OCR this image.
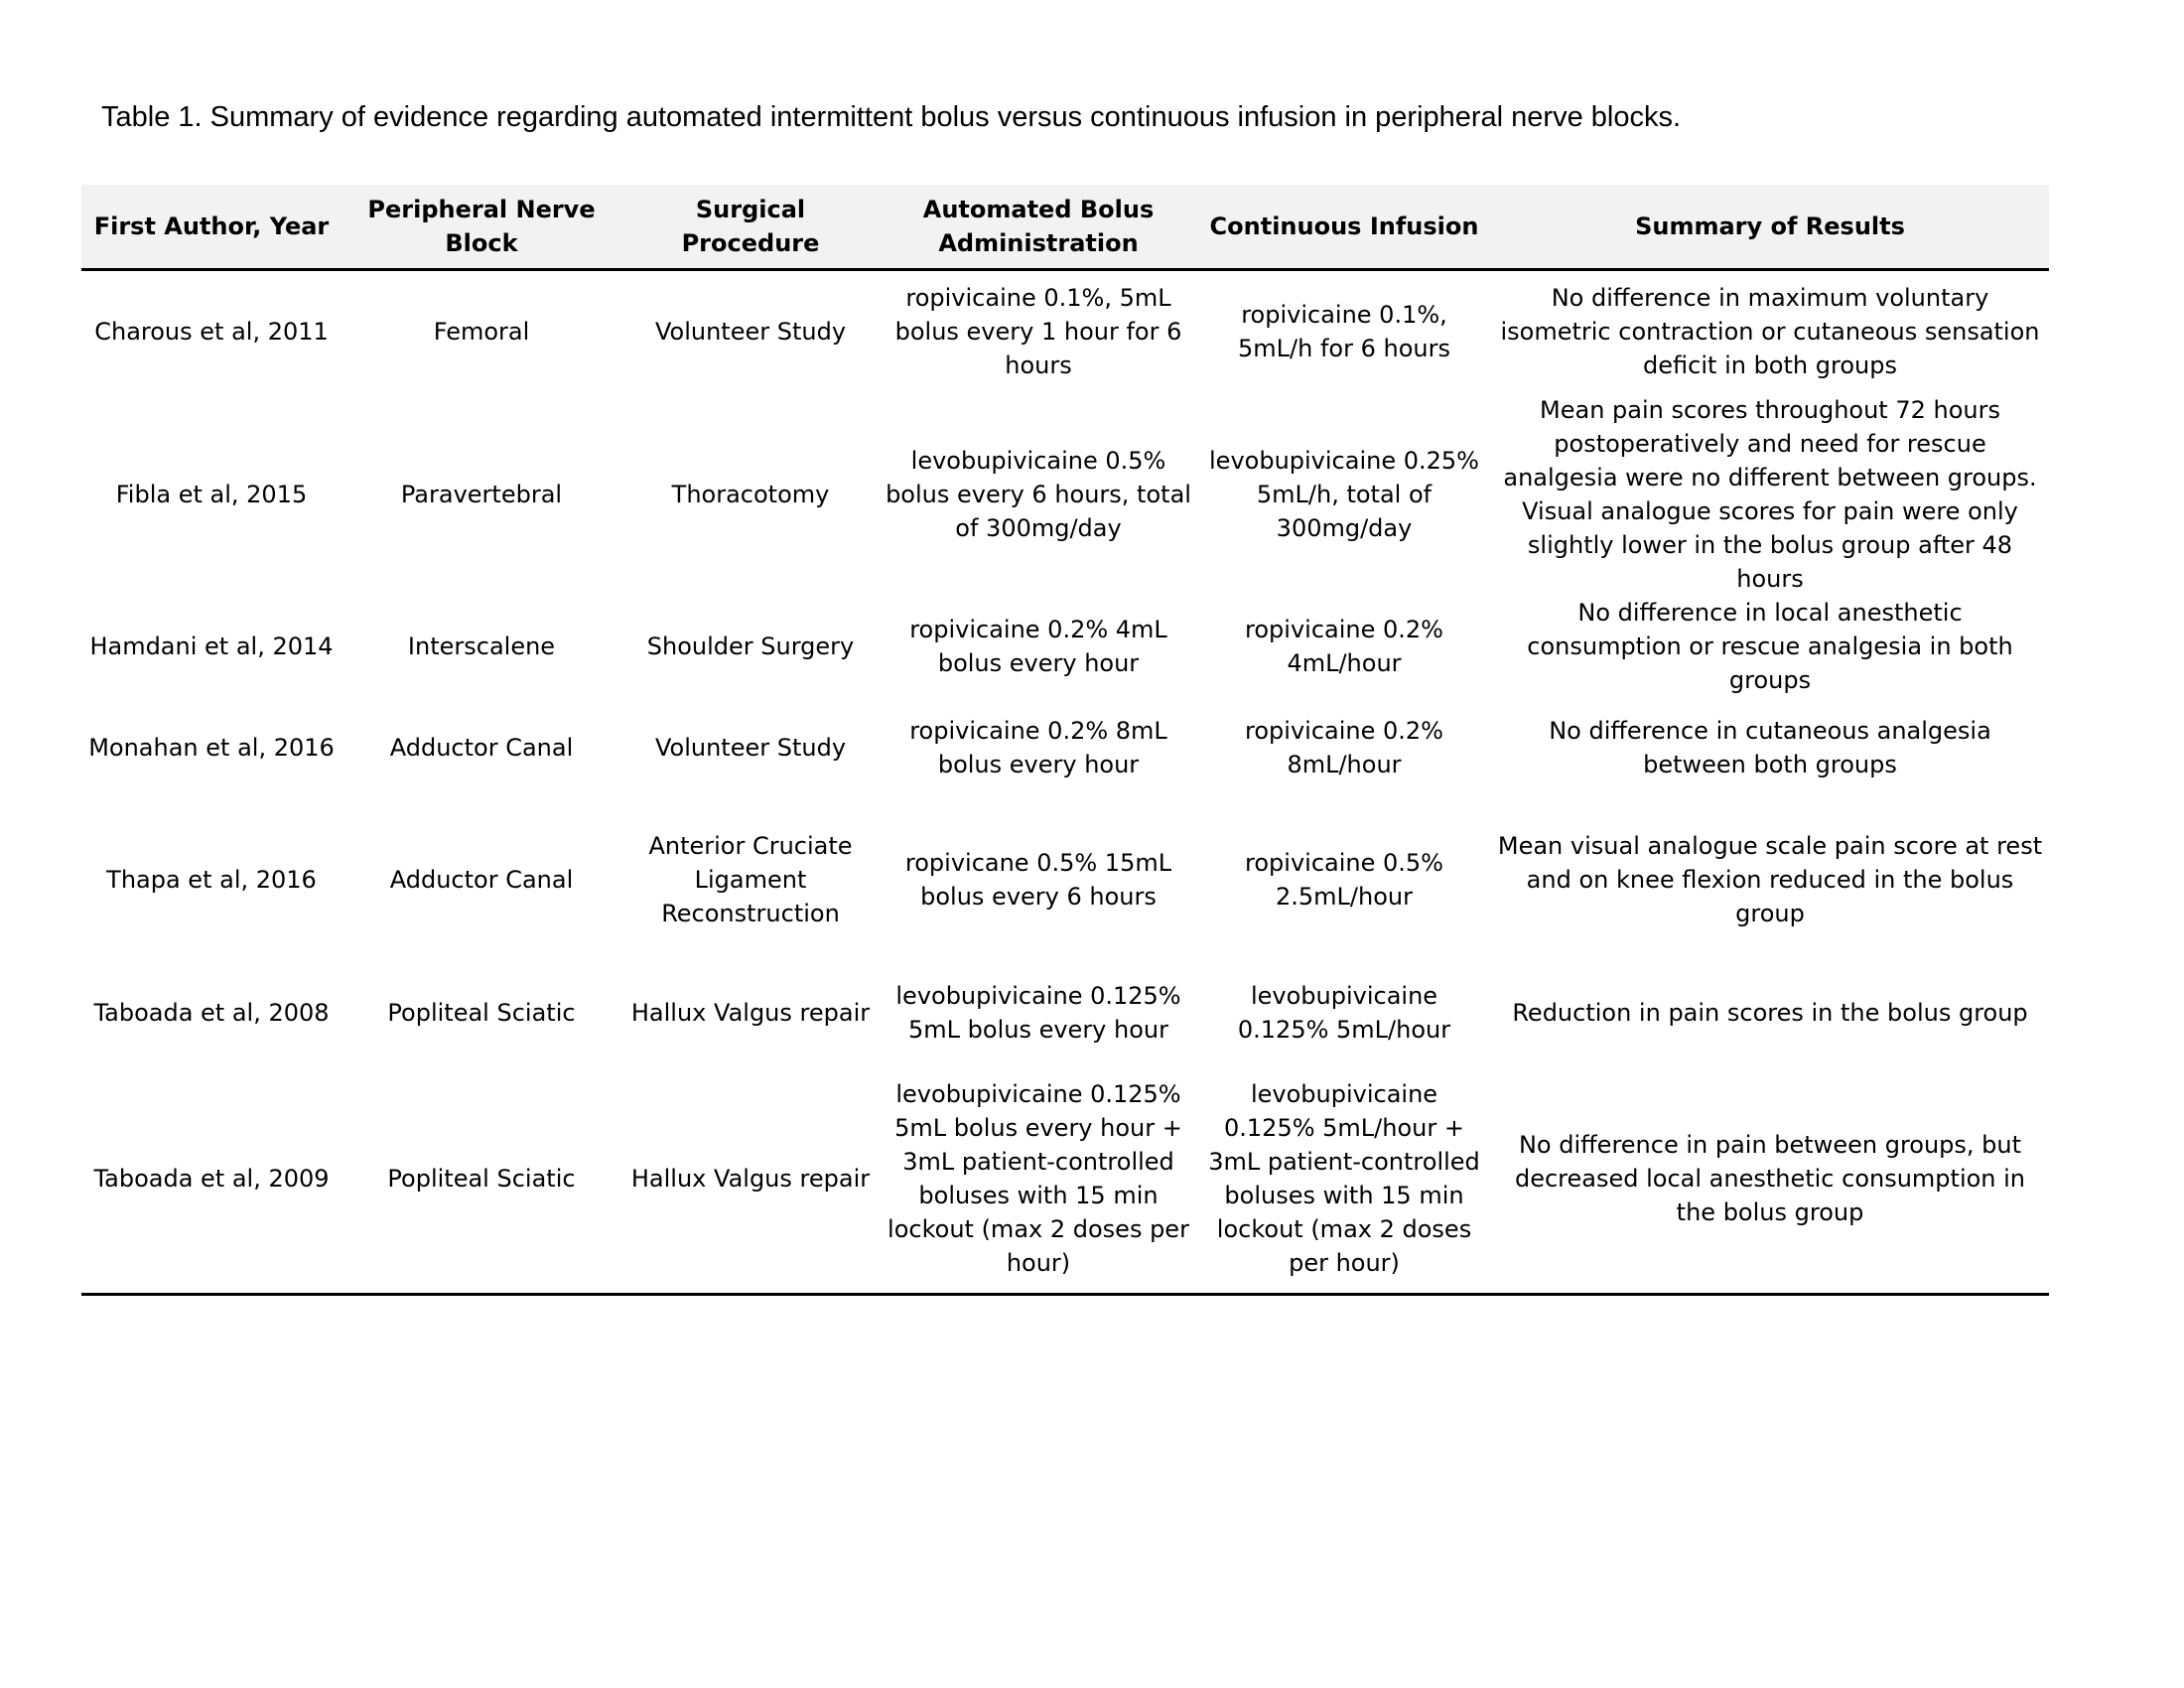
Table 1. Summary of evidence regarding automated intermittent bolus versus continuous infusion in peripheral nerve blocks.
First Author, Year	Peripheral Nerve Block	Surgical Procedure	Automated Bolus Administration	Continuous Infusion	Summary of Results
Charous et al, 2011	Femoral	Volunteer Study	ropivicaine 0.1%, 5mL bolus every 1 hour for 6 hours	ropivicaine 0.1%, 5mL/h for 6 hours	No difference in maximum voluntary isometric contraction or cutaneous sensation deficit in both groups
Fibla et al, 2015	Paravertebral	Thoracotomy	levobupivicaine 0.5% bolus every 6 hours, total of 300mg/day	levobupivicaine 0.25% 5mL/h, total of 300mg/day	Mean pain scores throughout 72 hours postoperatively and need for rescue analgesia were no different between groups. Visual analogue scores for pain were only slightly lower in the bolus group after 48 hours
Hamdani et al, 2014	Interscalene	Shoulder Surgery	ropivicaine 0.2% 4mL bolus every hour	ropivicaine 0.2% 4mL/hour	No difference in local anesthetic consumption or rescue analgesia in both groups
Monahan et al, 2016	Adductor Canal	Volunteer Study	ropivicaine 0.2% 8mL bolus every hour	ropivicaine 0.2% 8mL/hour	No difference in cutaneous analgesia between both groups
Thapa et al, 2016	Adductor Canal	Anterior Cruciate Ligament Reconstruction	ropivicane 0.5% 15mL bolus every 6 hours	ropivicaine 0.5% 2.5mL/hour	Mean visual analogue scale pain score at rest and on knee flexion reduced in the bolus group
Taboada et al, 2008	Popliteal Sciatic	Hallux Valgus repair	levobupivicaine 0.125% 5mL bolus every hour	levobupivicaine 0.125% 5mL/hour	Reduction in pain scores in the bolus group
Taboada et al, 2009	Popliteal Sciatic	Hallux Valgus repair	levobupivicaine 0.125% 5mL bolus every hour + 3mL patient-controlled boluses with 15 min lockout (max 2 doses per hour)	levobupivicaine 0.125% 5mL/hour + 3mL patient-controlled boluses with 15 min lockout (max 2 doses per hour)	No difference in pain between groups, but decreased local anesthetic consumption in the bolus group
